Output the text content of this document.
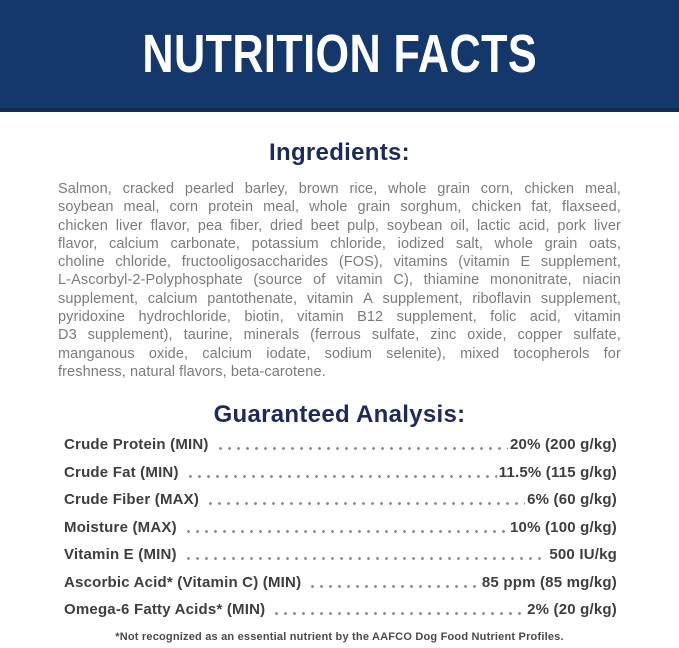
NUTRITION FACTS
Ingredients:
Salmon, cracked pearled barley, brown rice, whole grain corn, chicken meal,
soybean meal, corn protein meal, whole grain sorghum, chicken fat, flaxseed,
chicken liver flavor, pea fiber, dried beet pulp, soybean oil, lactic acid, pork liver
flavor, calcium carbonate, potassium chloride, iodized salt, whole grain oats,
choline chloride, fructooligosaccharides (FOS), vitamins (vitamin E supplement,
L-Ascorbyl-2-Polyphosphate (source of vitamin C), thiamine mononitrate, niacin
supplement, calcium pantothenate, vitamin A supplement, riboflavin supplement,
pyridoxine hydrochloride, biotin, vitamin B12 supplement, folic acid, vitamin
D3 supplement), taurine, minerals (ferrous sulfate, zinc oxide, copper sulfate,
manganous oxide, calcium iodate, sodium selenite), mixed tocopherols for
freshness, natural flavors, beta-carotene.
Guaranteed Analysis:
Crude Protein (MIN)	20% (200 g/kg)
Crude Fat (MIN)	11.5% (115 g/kg)
Crude Fiber (MAX)	6% (60 g/kg)
Moisture (MAX)	10% (100 g/kg)
Vitamin E (MIN)	500 IU/kg
Ascorbic Acid* (Vitamin C) (MIN)	85 ppm (85 mg/kg)
Omega-6 Fatty Acids* (MIN)	2% (20 g/kg)
*Not recognized as an essential nutrient by the AAFCO Dog Food Nutrient Profiles.
